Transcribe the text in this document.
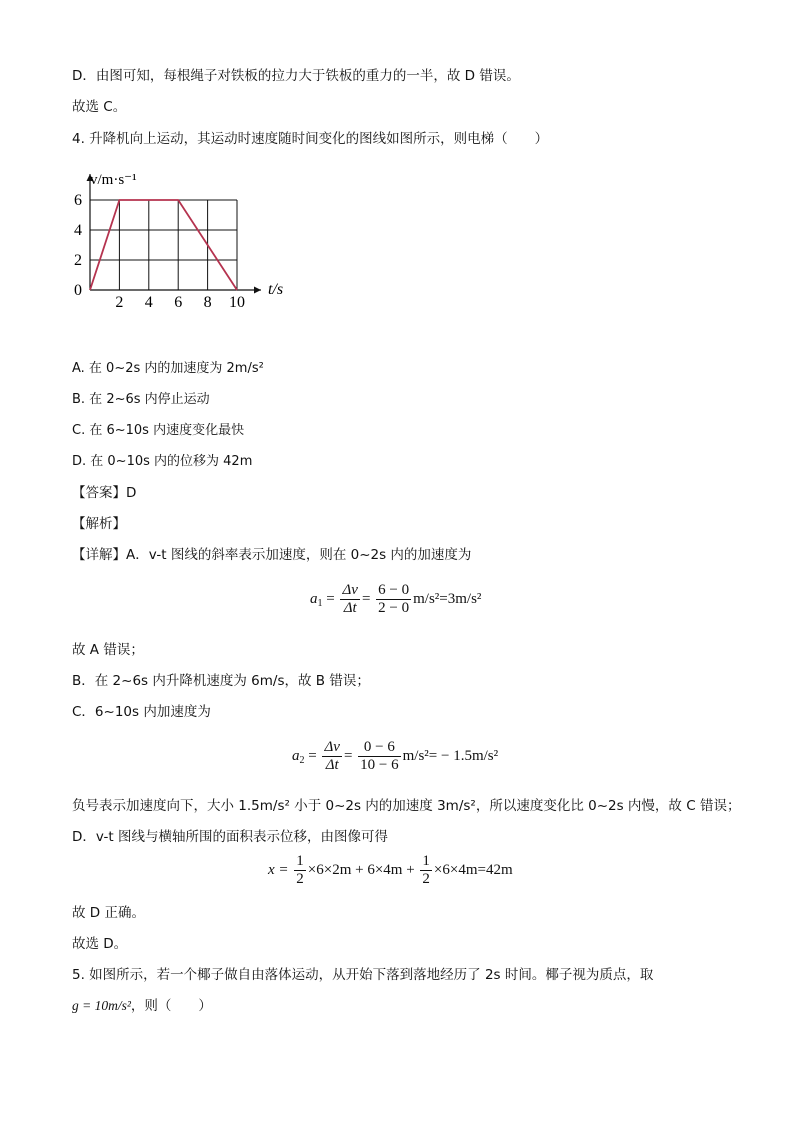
D．由图可知，每根绳子对铁板的拉力大于铁板的重力的一半，故 D 错误。
故选 C。
4. 升降机向上运动，其运动时速度随时间变化的图线如图所示，则电梯（　　）
2 4 6 8 10
0
2
4
6
v/m·s⁻¹
t/s
A. 在 0~2s 内的加速度为 2m/s²
B. 在 2~6s 内停止运动
C. 在 6~10s 内速度变化最快
D. 在 0~10s 内的位移为 42m
【答案】D
【解析】
【详解】A．v-t 图线的斜率表示加速度，则在 0~2s 内的加速度为
$a_1 = \frac{\Delta v}{\Delta t} = \frac{6 - 0}{2 - 0} m/s^2=3m/s^2$
故 A 错误；
B．在 2~6s 内升降机速度为 6m/s，故 B 错误；
C．6~10s 内加速度为
$a_2 = \frac{\Delta v}{\Delta t} = \frac{0 - 6}{10 - 6} m/s^2= - 1.5m/s^2$
负号表示加速度向下，大小 1.5m/s² 小于 0~2s 内的加速度 3m/s²，所以速度变化比 0~2s 内慢，故 C 错误；
D．v-t 图线与横轴所围的面积表示位移，由图像可得
$x = \frac{1}{2} \times 6\times 2m + 6\times 4m + \frac{1}{2} \times 6\times 4m=42m$
故 D 正确。
故选 D。
5. 如图所示，若一个椰子做自由落体运动，从开始下落到落地经历了 2s 时间。椰子视为质点，取
g = 10m/s²，则（　　）
